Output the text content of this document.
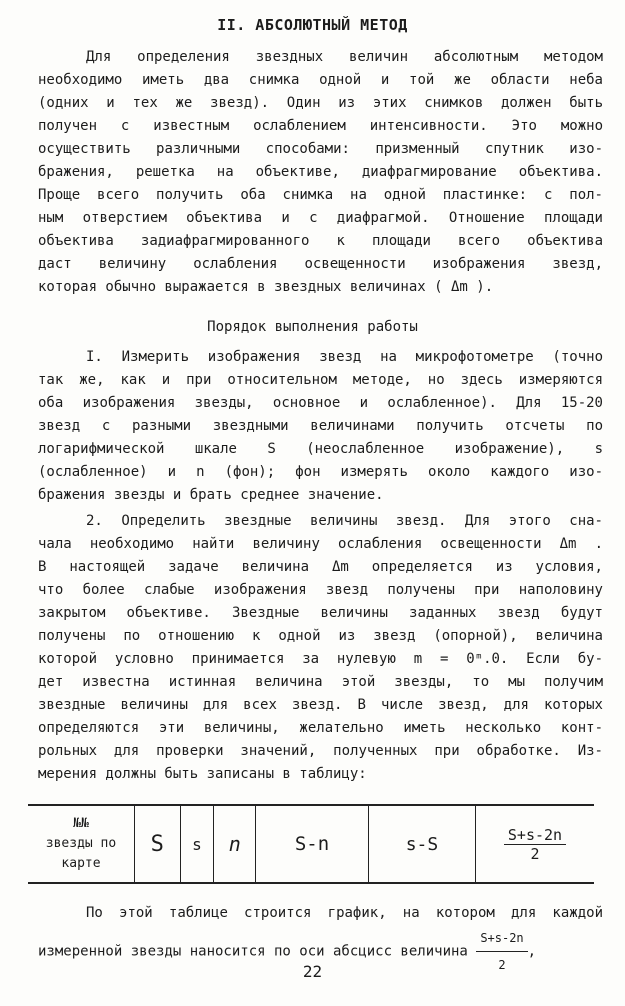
II. АБСОЛЮТНЫЙ МЕТОД
Для определения звездных величин абсолютным методом
необходимо иметь два снимка одной и той же области неба
(одних и тех же звезд). Один из этих снимков должен быть
получен с известным ослаблением интенсивности. Это можно
осуществить различными способами: призменный спутник изо-
бражения, решетка на объективе, диафрагмирование объектива.
Проще всего получить оба снимка на одной пластинке: с пол-
ным отверстием объектива и с диафрагмой. Отношение площади
объектива задиафрагмированного к площади всего объектива
даст величину ослабления освещенности изображения звезд,
которая обычно выражается в звездных величинах ( Δm ).
Порядок выполнения работы
I. Измерить изображения звезд на микрофотометре (точно
так же, как и при относительном методе, но здесь измеряются
оба изображения звезды, основное и ослабленное). Для 15-20
звезд с разными звездными величинами получить отсчеты по
логарифмической шкале S (неослабленное изображение), s
(ослабленное) и n (фон); фон измерять около каждого изо-
бражения звезды и брать среднее значение.
2. Определить звездные величины звезд. Для этого сна-
чала необходимо найти величину ослабления освещенности Δm .
В настоящей задаче величина Δm определяется из условия,
что более слабые изображения звезд получены при наполовину
закрытом объективе. Звездные величины заданных звезд будут
получены по отношению к одной из звезд (опорной), величина
которой условно принимается за нулевую m = 0ᵐ.0. Если бу-
дет известна истинная величина этой звезды, то мы получим
звездные величины для всех звезд. В числе звезд, для которых
определяются эти величины, желательно иметь несколько конт-
рольных для проверки значений, полученных при обработке. Из-
мерения должны быть записаны в таблицу:
№№
звезды по
карте
	S	s	n	S-n	s-S	$\frac{S+s-2n}{2}$
По этой таблице строится график, на котором для каждой
измеренной звезды наносится по оси абсцисс величина $\frac{S+s-2n}{2}$ ,
22
